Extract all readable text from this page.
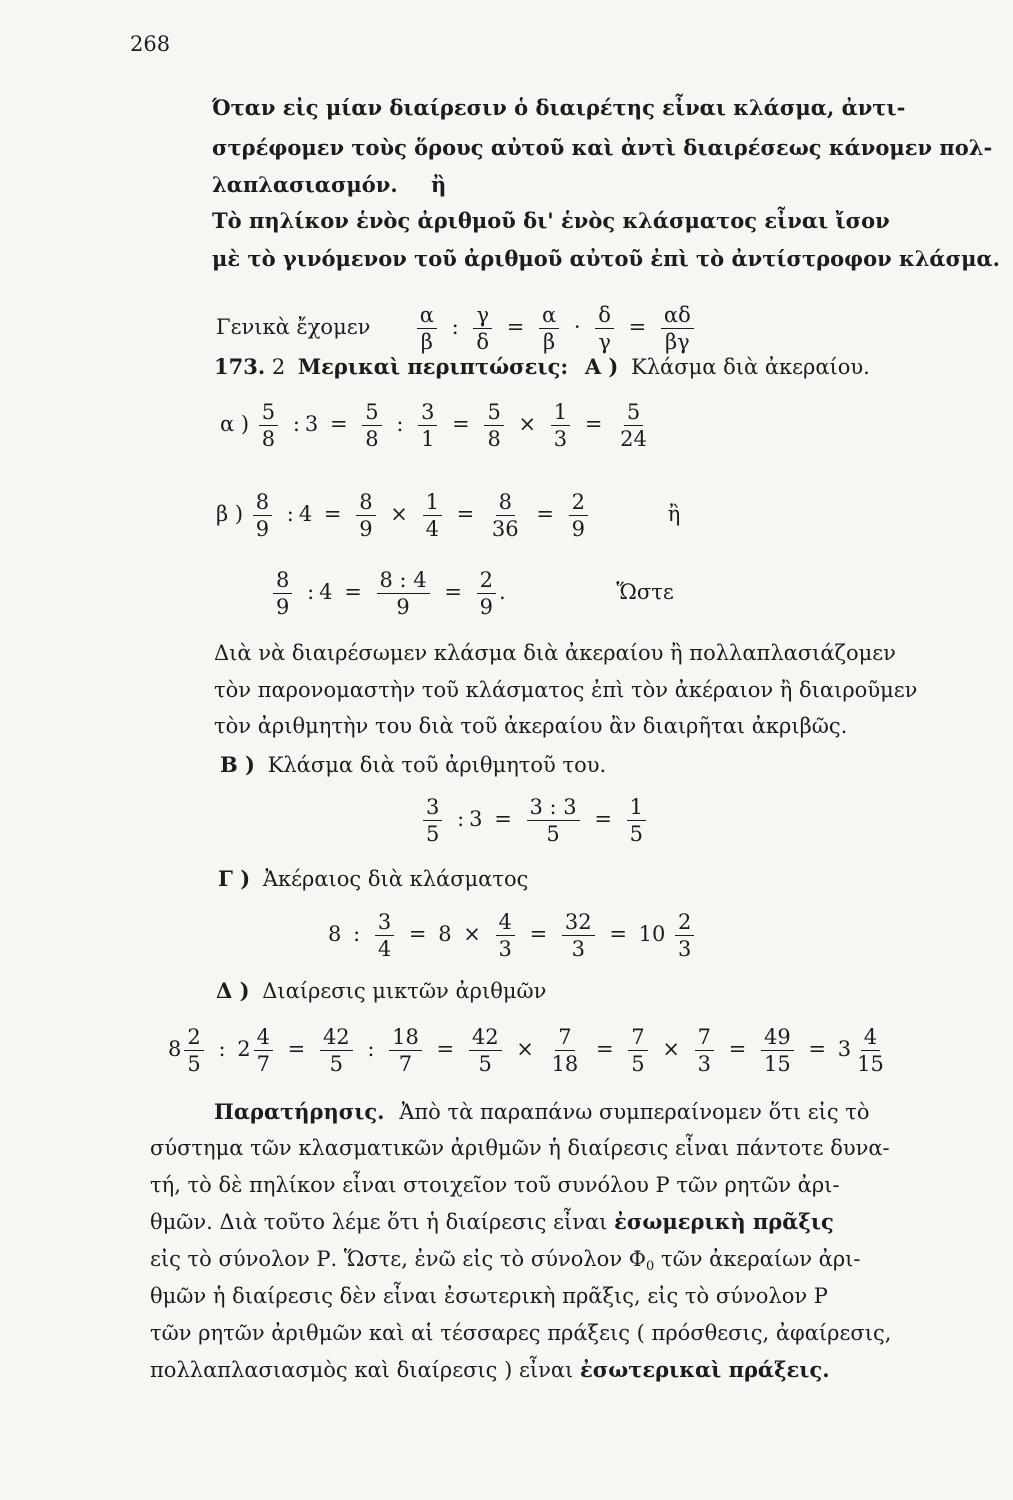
268
Όταν εἰς μίαν διαίρεσιν ὁ διαιρέτης εἶναι κλάσμα, ἀντι-
στρέφομεν τοὺς ὅρους αὐτοῦ καὶ ἀντὶ διαιρέσεως κάνομεν πολ-
λαπλασιασμόν. ἢ
Τὸ πηλίκον ἑνὸς ἀριθμοῦ δι' ἑνὸς κλάσματος εἶναι ἴσον
μὲ τὸ γινόμενον τοῦ ἀριθμοῦ αὐτοῦ ἐπὶ τὸ ἀντίστροφον κλάσμα.
Γενικὰ ἔχομεν $\frac{\alpha}{\beta}$ : $\frac{\gamma}{\delta} = \frac{\alpha}{\beta} \cdot \frac{\delta}{\gamma} = \frac{\alpha\delta}{\beta\gamma}$
173. 2 Μερικαὶ περιπτώσεις: Α ) Κλάσμα διὰ ἀκεραίου.
α ) $\frac{5}{8}$ : $3 = \frac{5}{8}$ : $\frac{3}{1} = \frac{5}{8} \times \frac{1}{3} = \frac{5}{24}$
β ) $\frac{8}{9}$ : $4 = \frac{8}{9} \times \frac{1}{4} = \frac{8}{36} = \frac{2}{9}$	ἢ
$\frac{8}{9}$ : $4 = \frac{8 : 4}{9} = \frac{2}{9}$ .	Ὥστε
Διὰ νὰ διαιρέσωμεν κλάσμα διὰ ἀκεραίου ἢ πολλαπλασιάζομεν
τὸν παρονομαστὴν τοῦ κλάσματος ἐπὶ τὸν ἀκέραιον ἢ διαιροῦμεν
τὸν ἀριθμητὴν του διὰ τοῦ ἀκεραίου ἂν διαιρῆται ἀκριβῶς.
Β ) Κλάσμα διὰ τοῦ ἀριθμητοῦ του.
$\frac{3}{5}$ : $3 = \frac{3 : 3}{5} = \frac{1}{5}$
Γ ) Ἀκέραιος διὰ κλάσματος
8 : $\frac{3}{4} = 8 \times \frac{4}{3} = \frac{32}{3} = 10 \frac{2}{3}$
Δ ) Διαίρεσις μικτῶν ἀριθμῶν
$8 \frac{2}{5}$ : $2 \frac{4}{7} = \frac{42}{5}$ : $\frac{18}{7} = \frac{42}{5} \times \frac{7}{18} = \frac{7}{5} \times \frac{7}{3} = \frac{49}{15} = 3 \frac{4}{15}$
Παρατήρησις. Ἀπὸ τὰ παραπάνω συμπεραίνομεν ὅτι εἰς τὸ
σύστημα τῶν κλασματικῶν ἀριθμῶν ἡ διαίρεσις εἶναι πάντοτε δυνα-
τή, τὸ δὲ πηλίκον εἶναι στοιχεῖον τοῦ συνόλου Ρ τῶν ρητῶν ἀρι-
θμῶν. Διὰ τοῦτο λέμε ὅτι ἡ διαίρεσις εἶναι ἐσωμερικὴ πρᾶξις
εἰς τὸ σύνολον Ρ. Ὥστε, ἐνῶ εἰς τὸ σύνολον $\Phi_0$ τῶν ἀκεραίων ἀρι-
θμῶν ἡ διαίρεσις δὲν εἶναι ἐσωτερικὴ πρᾶξις, εἰς τὸ σύνολον Ρ
τῶν ρητῶν ἀριθμῶν καὶ αἱ τέσσαρες πράξεις ( πρόσθεσις, ἀφαίρεσις,
πολλαπλασιασμὸς καὶ διαίρεσις ) εἶναι ἐσωτερικαὶ πράξεις.
